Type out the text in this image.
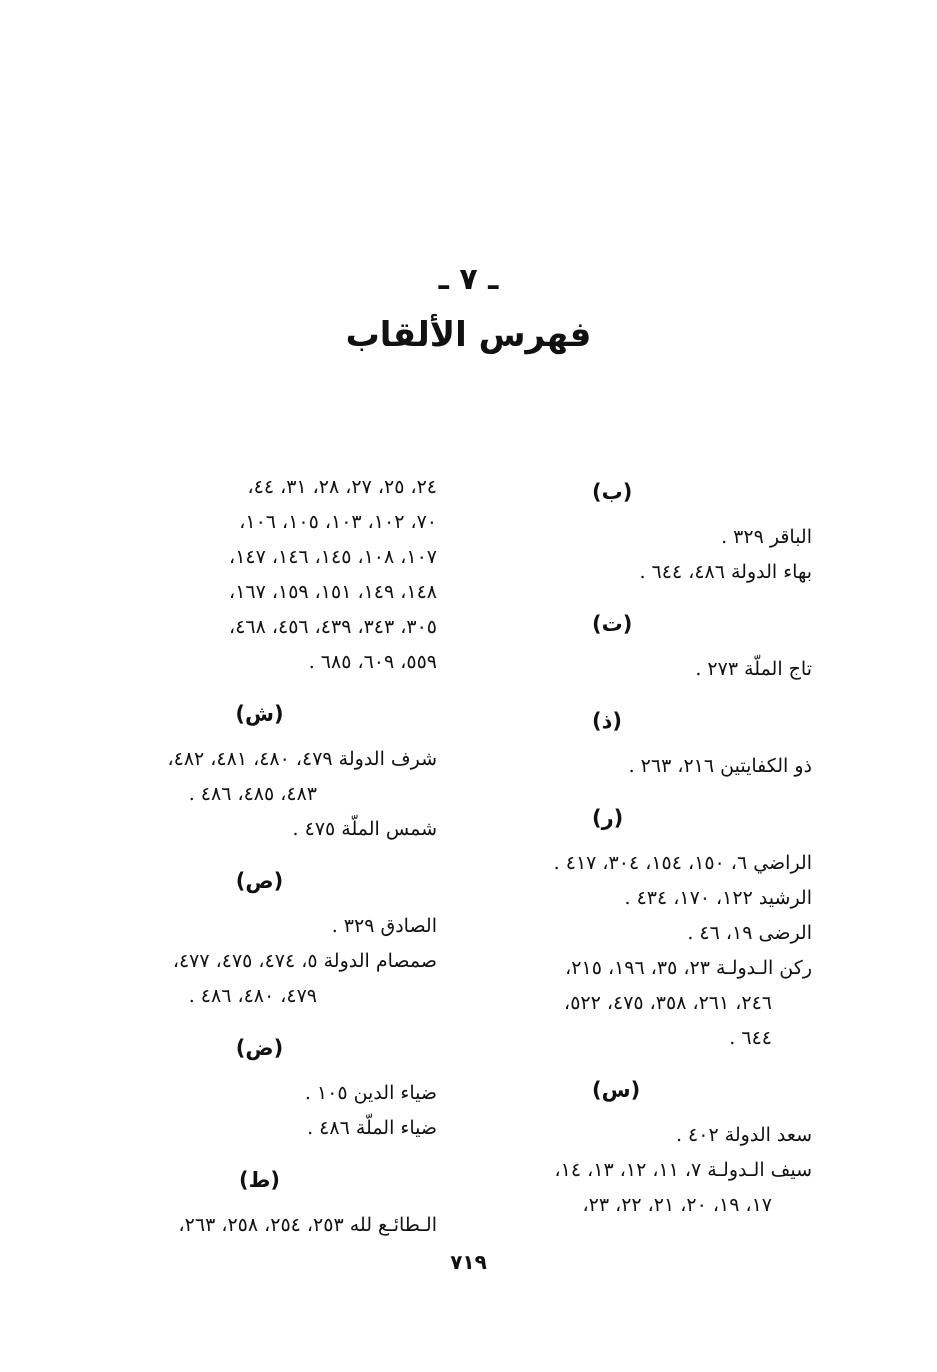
ـ ٧ ـ
فهرس الألقاب
(ب)
الباقر ٣٢٩ .
بهاء الدولة ٤٨٦، ٦٤٤ .
(ت)
تاج الملّة ٢٧٣ .
(ذ)
ذو الكفايتين ٢١٦، ٢٦٣ .
(ر)
الراضي ٦، ١٥٠، ١٥٤، ٣٠٤، ٤١٧ .
الرشيد ١٢٢، ١٧٠، ٤٣٤ .
الرضى ١٩، ٤٦ .
ركن الـدولـة ٢٣، ٣٥، ١٩٦، ٢١٥،
٢٤٦، ٢٦١، ٣٥٨، ٤٧٥، ٥٢٢،
٦٤٤ .
(س)
سعد الدولة ٤٠٢ .
سيف الـدولـة ٧، ١١، ١٢، ١٣، ١٤،
١٧، ١٩، ٢٠، ٢١، ٢٢، ٢٣،
٢٤، ٢٥، ٢٧، ٢٨، ٣١، ٤٤،
٧٠، ١٠٢، ١٠٣، ١٠٥، ١٠٦،
١٠٧، ١٠٨، ١٤٥، ١٤٦، ١٤٧،
١٤٨، ١٤٩، ١٥١، ١٥٩، ١٦٧،
٣٠٥، ٣٤٣، ٤٣٩، ٤٥٦، ٤٦٨،
٥٥٩، ٦٠٩، ٦٨٥ .
(ش)
شرف الدولة ٤٧٩، ٤٨٠، ٤٨١، ٤٨٢،
٤٨٣، ٤٨٥، ٤٨٦ .
شمس الملّة ٤٧٥ .
(ص)
الصادق ٣٢٩ .
صمصام الدولة ٥، ٤٧٤، ٤٧٥، ٤٧٧،
٤٧٩، ٤٨٠، ٤٨٦ .
(ض)
ضياء الدين ١٠٥ .
ضياء الملّة ٤٨٦ .
(ط)
الـطائـع لله ٢٥٣، ٢٥٤، ٢٥٨، ٢٦٣،
٧١٩
